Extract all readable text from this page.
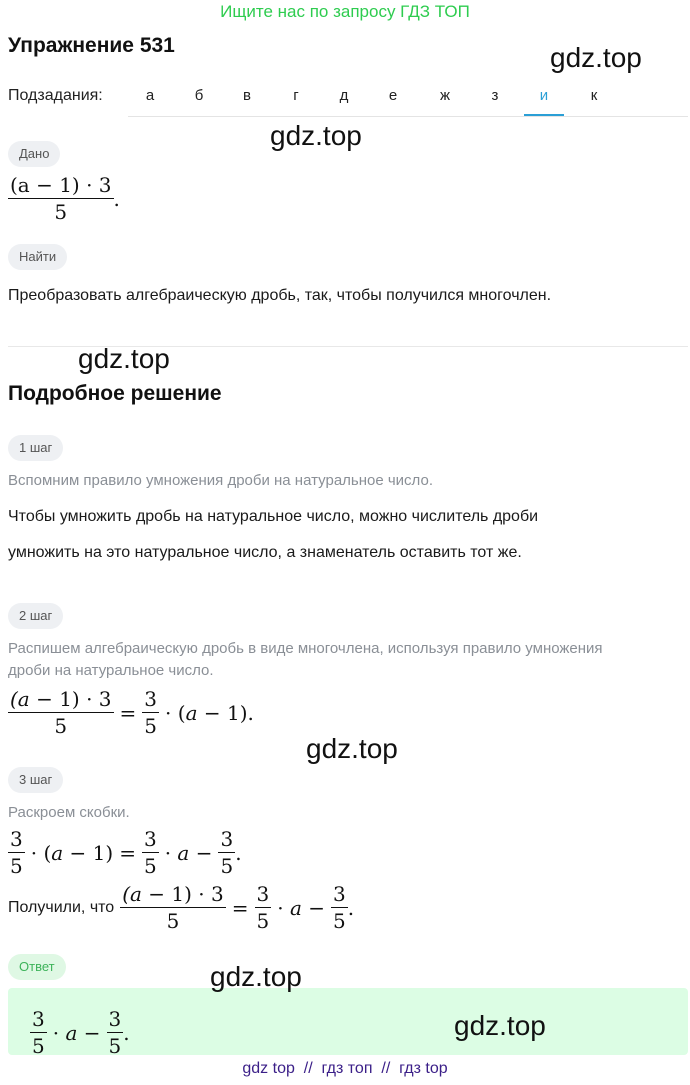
Ищите нас по запросу ГДЗ ТОП
Упражнение 531	gdz.top
Подзадания:	а	б	в	г	д	е	ж	з	и	к
gdz.top
Дано
$\frac{(a - 1) \cdot 3}{5}$ .
Найти
Преобразовать алгебраическую дробь, так, чтобы получился многочлен.
gdz.top
Подробное решение
1 шаг
Вспомним правило умножения дроби на натуральное число.
Чтобы умножить дробь на натуральное число, можно числитель дроби
умножить на это натуральное число, а знаменатель оставить тот же.
2 шаг
Распишем алгебраическую дробь в виде многочлена, используя правило умножения
дроби на натуральное число.
$\frac{(a - 1) \cdot 3}{5} = \frac{3}{5} \cdot (a - 1)$.
gdz.top
3 шаг
Раскроем скобки.
$\frac{3}{5} \cdot (a - 1) = \frac{3}{5} \cdot a - \frac{3}{5}$ .
Получили, что $\frac{(a - 1) \cdot 3}{5} = \frac{3}{5} \cdot a - \frac{3}{5}$ .
Ответ
$\frac{3}{5} \cdot a - \frac{3}{5}$ .
gdz.top
gdz.top
gdz top  //  гдз топ  //  гдз top
